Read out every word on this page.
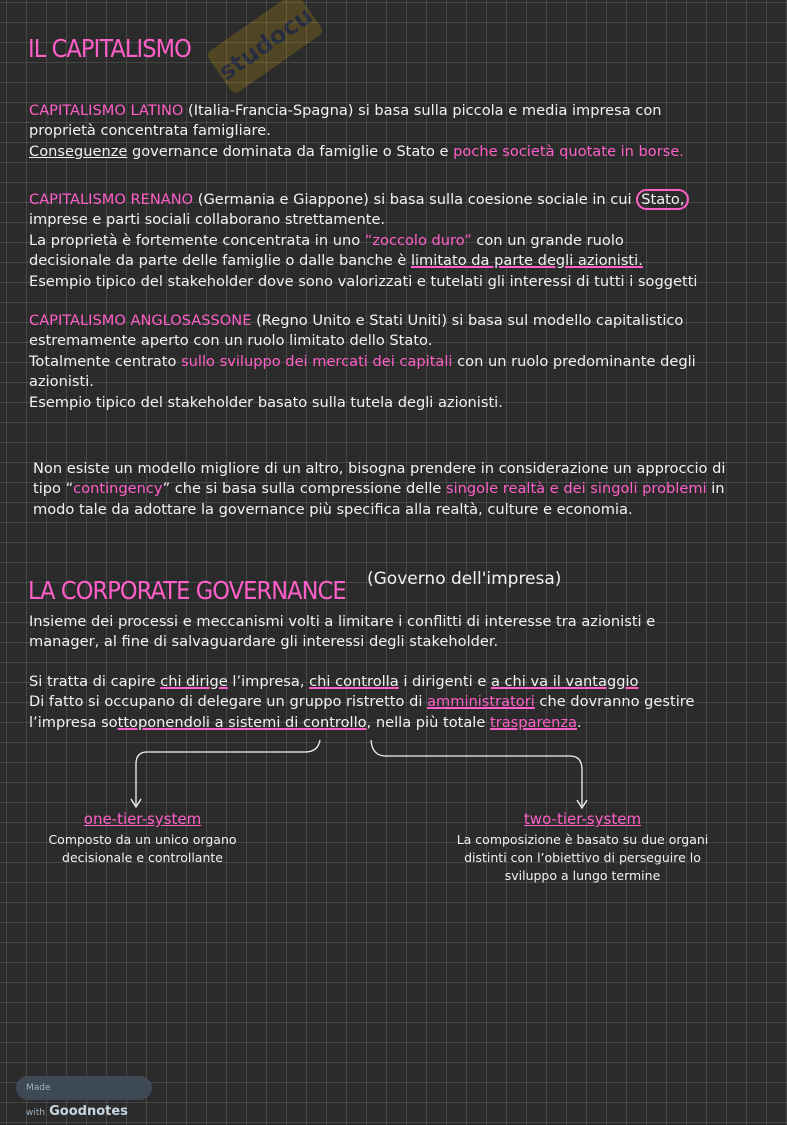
studocu
IL CAPITALISMO
CAPITALISMO LATINO (Italia-Francia-Spagna) si basa sulla piccola e media impresa con
proprietà concentrata famigliare.
Conseguenze governance dominata da famiglie o Stato e poche società quotate in borse.
CAPITALISMO RENANO (Germania e Giappone) si basa sulla coesione sociale in cui Stato,
imprese e parti sociali collaborano strettamente.
La proprietà è fortemente concentrata in uno “zoccolo duro” con un grande ruolo
decisionale da parte delle famiglie o dalle banche è limitato da parte degli azionisti.
Esempio tipico del stakeholder dove sono valorizzati e tutelati gli interessi di tutti i soggetti
CAPITALISMO ANGLOSASSONE (Regno Unito e Stati Uniti) si basa sul modello capitalistico
estremamente aperto con un ruolo limitato dello Stato.
Totalmente centrato sullo sviluppo dei mercati dei capitali con un ruolo predominante degli
azionisti.
Esempio tipico del stakeholder basato sulla tutela degli azionisti.
Non esiste un modello migliore di un altro, bisogna prendere in considerazione un approccio di
tipo “contingency” che si basa sulla compressione delle singole realtà e dei singoli problemi in
modo tale da adottare la governance più specifica alla realtà, culture e economia.
LA CORPORATE GOVERNANCE (Governo dell'impresa)
Insieme dei processi e meccanismi volti a limitare i conflitti di interesse tra azionisti e
manager, al fine di salvaguardare gli interessi degli stakeholder.
Si tratta di capire chi dirige l’impresa, chi controlla i dirigenti e a chi va il vantaggio
Di fatto si occupano di delegare un gruppo ristretto di amministratori che dovranno gestire
l’impresa sottoponendoli a sistemi di controllo, nella più totale trasparenza.
one-tier-system
Composto da un unico organo
decisionale e controllante
two-tier-system
La composizione è basato su due organi
distinti con l’obiettivo di perseguire lo
sviluppo a lungo termine
Made with Goodnotes
